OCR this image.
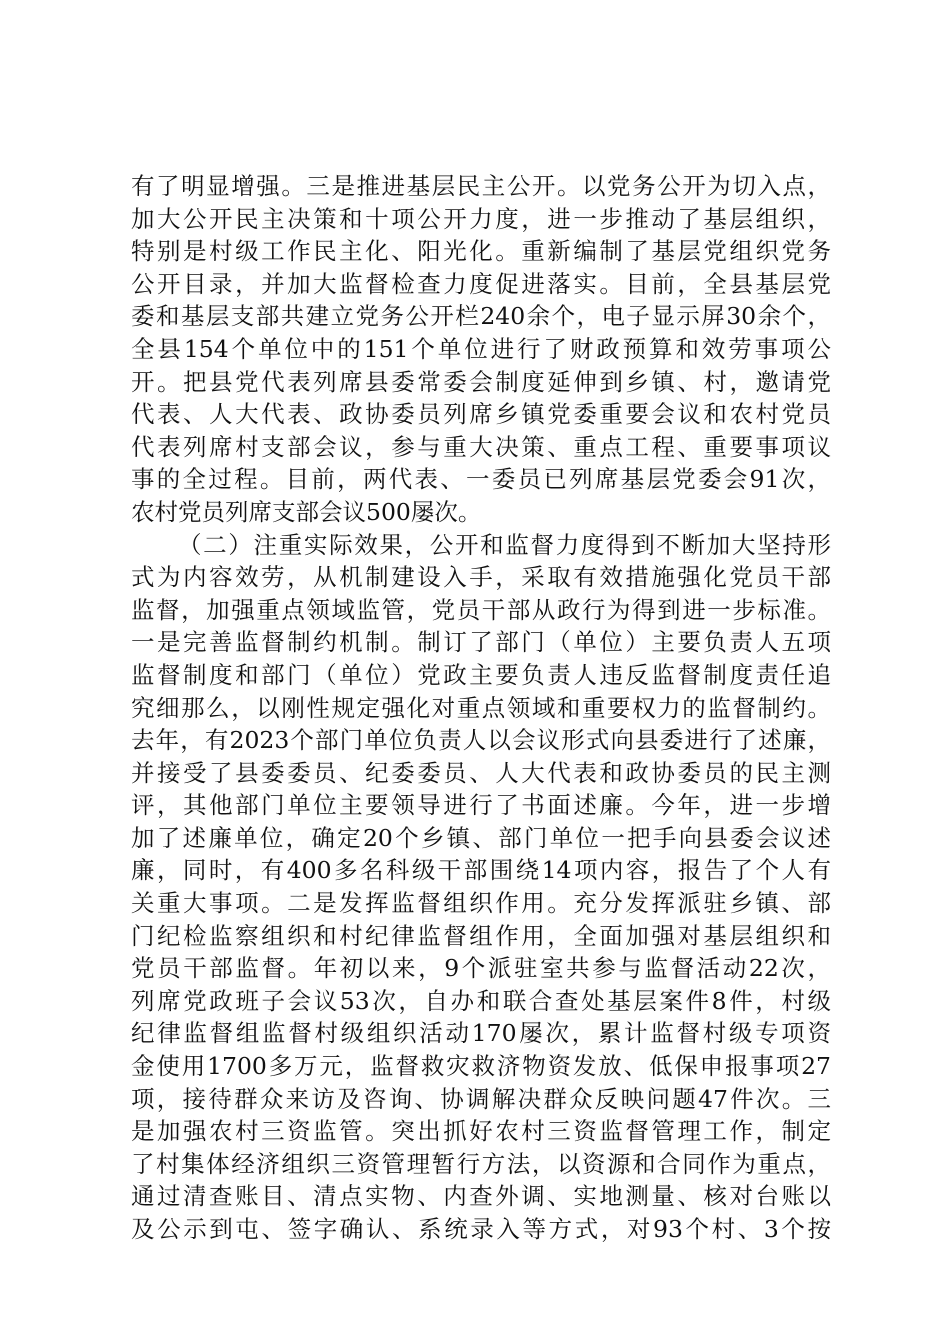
有了明显增强。三是推进基层民主公开。以党务公开为切入点，
加大公开民主决策和十项公开力度，进一步推动了基层组织，
特别是村级工作民主化、阳光化。重新编制了基层党组织党务
公开目录，并加大监督检查力度促进落实。目前，全县基层党
委和基层支部共建立党务公开栏240余个，电子显示屏30余个，
全县154个单位中的151个单位进行了财政预算和效劳事项公
开。把县党代表列席县委常委会制度延伸到乡镇、村，邀请党
代表、人大代表、政协委员列席乡镇党委重要会议和农村党员
代表列席村支部会议，参与重大决策、重点工程、重要事项议
事的全过程。目前，两代表、一委员已列席基层党委会91次，
农村党员列席支部会议500屡次。
（二）注重实际效果，公开和监督力度得到不断加大坚持形
式为内容效劳，从机制建设入手，采取有效措施强化党员干部
监督，加强重点领域监管，党员干部从政行为得到进一步标准。
一是完善监督制约机制。制订了部门（单位）主要负责人五项
监督制度和部门（单位）党政主要负责人违反监督制度责任追
究细那么，以刚性规定强化对重点领域和重要权力的监督制约。
去年，有2023个部门单位负责人以会议形式向县委进行了述廉，
并接受了县委委员、纪委委员、人大代表和政协委员的民主测
评，其他部门单位主要领导进行了书面述廉。今年，进一步增
加了述廉单位，确定20个乡镇、部门单位一把手向县委会议述
廉，同时，有400多名科级干部围绕14项内容，报告了个人有
关重大事项。二是发挥监督组织作用。充分发挥派驻乡镇、部
门纪检监察组织和村纪律监督组作用，全面加强对基层组织和
党员干部监督。年初以来，9个派驻室共参与监督活动22次，
列席党政班子会议53次，自办和联合查处基层案件8件，村级
纪律监督组监督村级组织活动170屡次，累计监督村级专项资
金使用1700多万元，监督救灾救济物资发放、低保申报事项27
项，接待群众来访及咨询、协调解决群众反映问题47件次。三
是加强农村三资监管。突出抓好农村三资监督管理工作，制定
了村集体经济组织三资管理暂行方法，以资源和合同作为重点，
通过清查账目、清点实物、内查外调、实地测量、核对台账以
及公示到屯、签字确认、系统录入等方式，对93个村、3个按
